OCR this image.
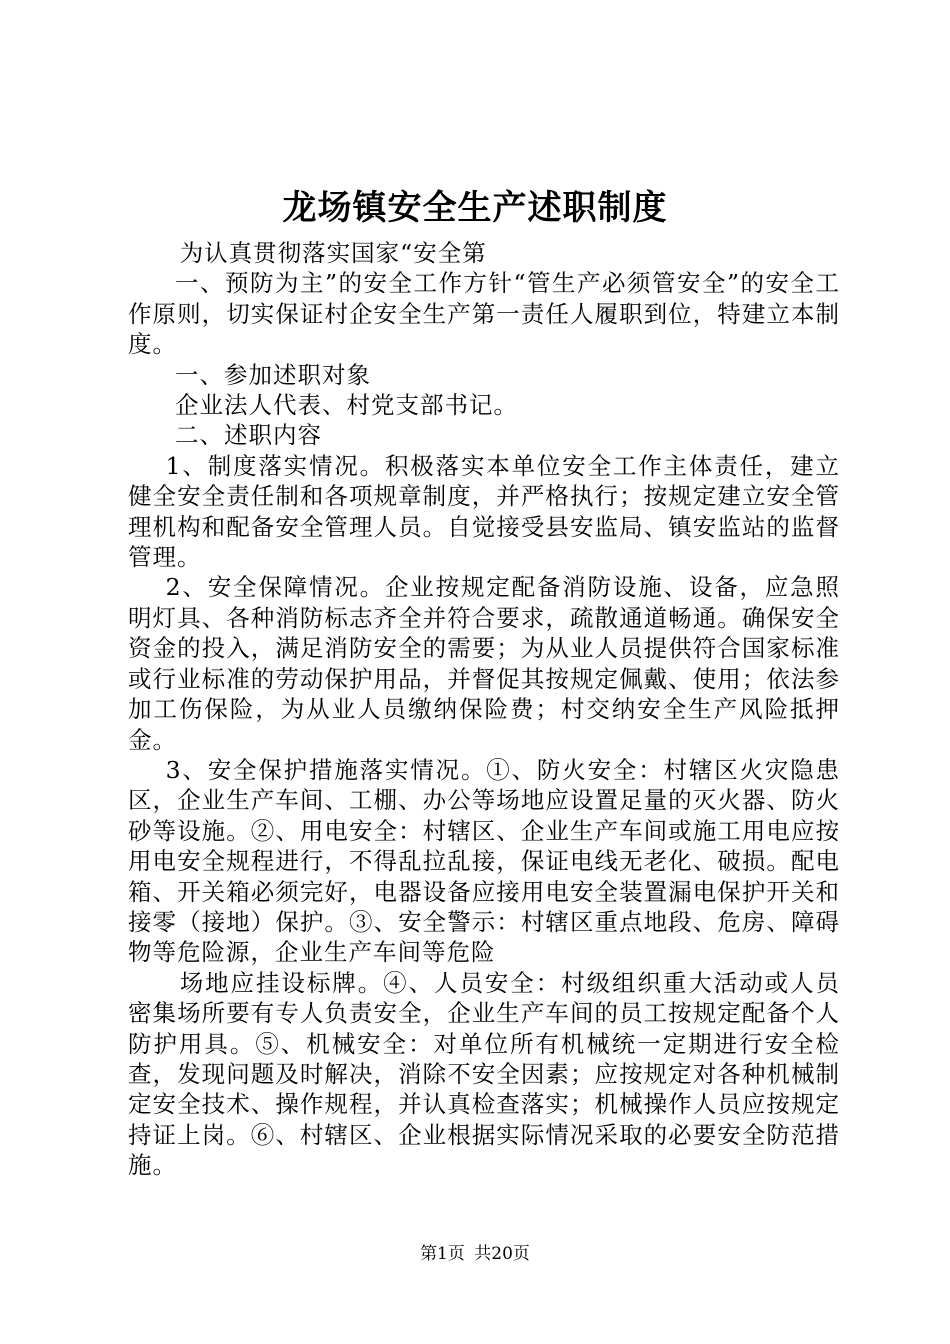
龙场镇安全生产述职制度

为认真贯彻落实国家“安全第

一、预防为主”的安全工作方针“管生产必须管安全”的安全工作原则，切实保证村企安全生产第一责任人履职到位，特建立本制度。

一、参加述职对象

企业法人代表、村党支部书记。

二、述职内容

1、制度落实情况。积极落实本单位安全工作主体责任，建立健全安全责任制和各项规章制度，并严格执行；按规定建立安全管理机构和配备安全管理人员。自觉接受县安监局、镇安监站的监督管理。

2、安全保障情况。企业按规定配备消防设施、设备，应急照明灯具、各种消防标志齐全并符合要求，疏散通道畅通。确保安全资金的投入，满足消防安全的需要；为从业人员提供符合国家标准或行业标准的劳动保护用品，并督促其按规定佩戴、使用；依法参加工伤保险，为从业人员缴纳保险费；村交纳安全生产风险抵押金。

3、安全保护措施落实情况。①、防火安全：村辖区火灾隐患区，企业生产车间、工棚、办公等场地应设置足量的灭火器、防火砂等设施。②、用电安全：村辖区、企业生产车间或施工用电应按用电安全规程进行，不得乱拉乱接，保证电线无老化、破损。配电箱、开关箱必须完好，电器设备应接用电安全装置漏电保护开关和接零（接地）保护。③、安全警示：村辖区重点地段、危房、障碍物等危险源，企业生产车间等危险

场地应挂设标牌。④、人员安全：村级组织重大活动或人员密集场所要有专人负责安全，企业生产车间的员工按规定配备个人防护用具。⑤、机械安全：对单位所有机械统一定期进行安全检查，发现问题及时解决，消除不安全因素；应按规定对各种机械制定安全技术、操作规程，并认真检查落实；机械操作人员应按规定持证上岗。⑥、村辖区、企业根据实际情况采取的必要安全防范措施。

第1页 共20页
